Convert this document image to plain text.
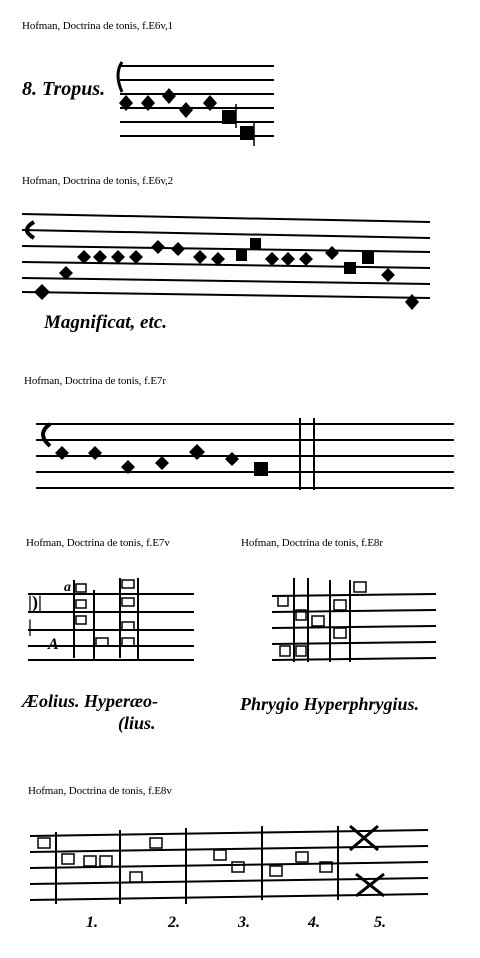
Hofman, Doctrina de tonis, f.E6v,1
8. Tropus.
Hofman, Doctrina de tonis, f.E6v,2
Magnificat, etc.
Hofman, Doctrina de tonis, f.E7r
Hofman, Doctrina de tonis, f.E7v
Æolius. Hyperæo-
(lius.
|)|
|
a
A
Hofman, Doctrina de tonis, f.E8r
Phrygio Hyperphrygius.
Hofman, Doctrina de tonis, f.E8v
1.	2.	3.	4.	5.
